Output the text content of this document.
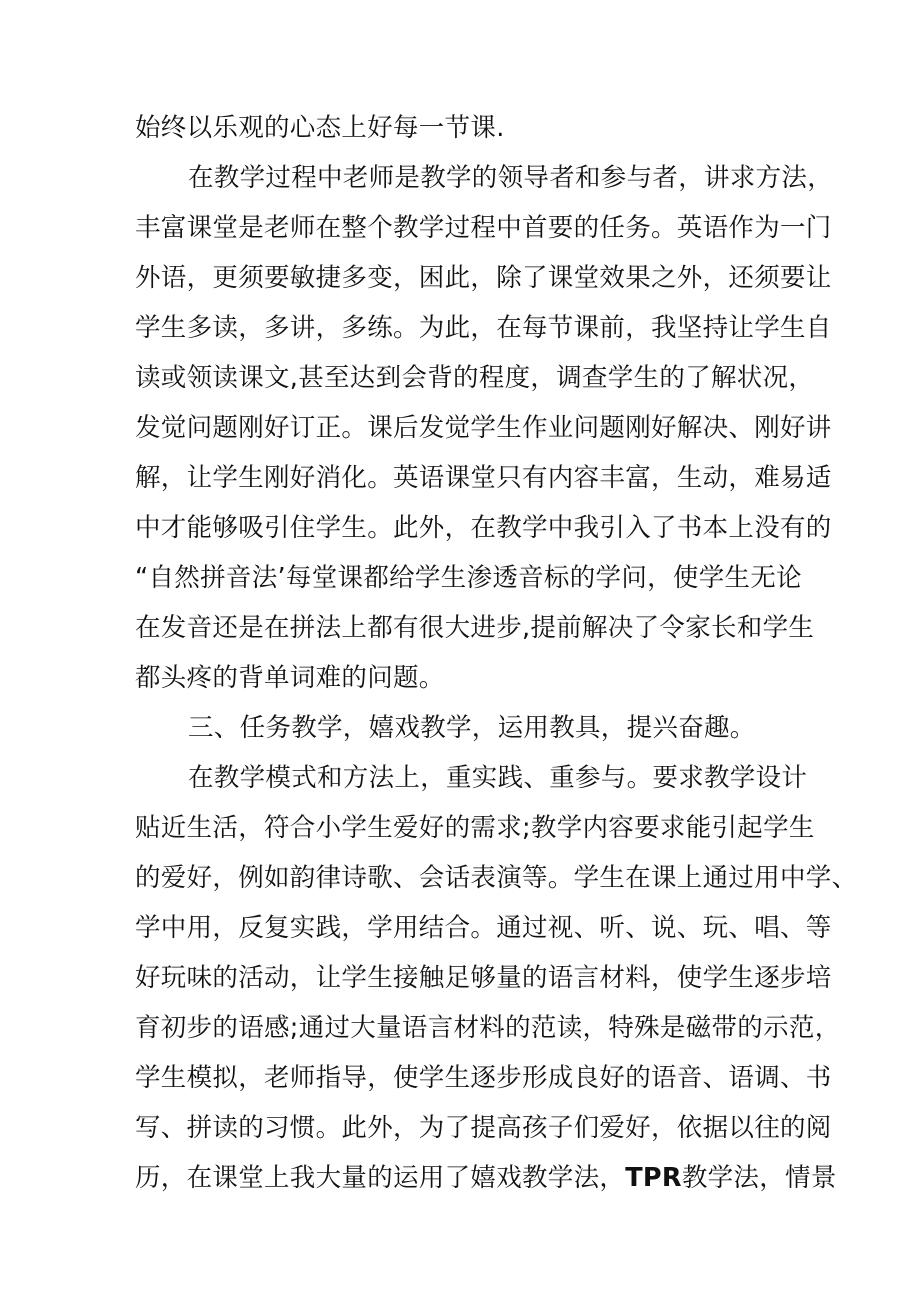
始终以乐观的心态上好每一节课.

在教学过程中老师是教学的领导者和参与者，讲求方法，

丰富课堂是老师在整个教学过程中首要的任务。英语作为一门

外语，更须要敏捷多变，困此，除了课堂效果之外，还须要让

学生多读，多讲，多练。为此，在每节课前，我坚持让学生自

读或领读课文,甚至达到会背的程度，调查学生的了解状况，

发觉问题刚好订正。课后发觉学生作业问题刚好解决、刚好讲

解，让学生刚好消化。英语课堂只有内容丰富，生动，难易适

中才能够吸引住学生。此外，在教学中我引入了书本上没有的

“自然拼音法’每堂课都给学生渗透音标的学问，使学生无论

在发音还是在拼法上都有很大进步,提前解决了令家长和学生

都头疼的背单词难的问题。

三、任务教学，嬉戏教学，运用教具，提兴奋趣。

在教学模式和方法上，重实践、重参与。要求教学设计

贴近生活，符合小学生爱好的需求;教学内容要求能引起学生

的爱好，例如韵律诗歌、会话表演等。学生在课上通过用中学、

学中用，反复实践，学用结合。通过视、听、说、玩、唱、等

好玩味的活动，让学生接触足够量的语言材料，使学生逐步培

育初步的语感;通过大量语言材料的范读，特殊是磁带的示范，

学生模拟，老师指导，使学生逐步形成良好的语音、语调、书

写、拼读的习惯。此外，为了提高孩子们爱好，依据以往的阅

历，在课堂上我大量的运用了嬉戏教学法，TPR教学法，情景
